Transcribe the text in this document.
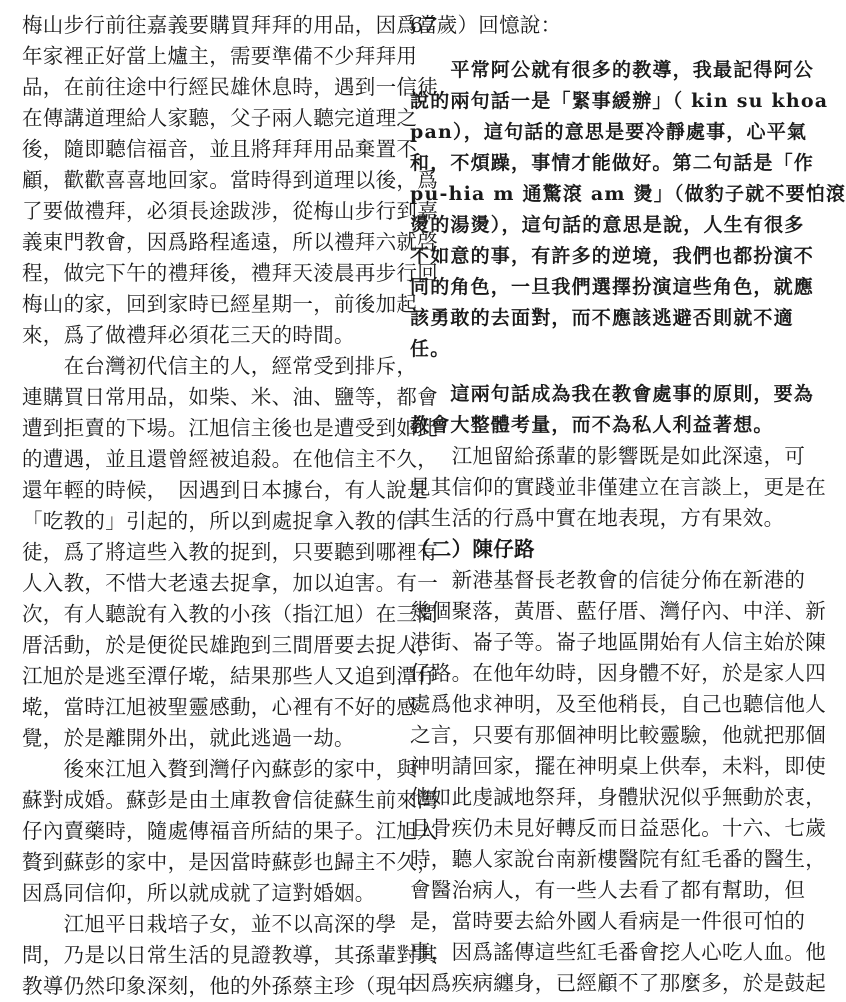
梅山步行前往嘉義要購買拜拜的用品，因爲當
年家裡正好當上爐主，需要準備不少拜拜用
品，在前往途中行經民雄休息時，遇到一信徒
在傳講道理給人家聽，父子兩人聽完道理之
後，隨即聽信福音，並且將拜拜用品棄置不
顧，歡歡喜喜地回家。當時得到道理以後，爲
了要做禮拜，必須長途跋涉，從梅山步行到嘉
義東門教會，因爲路程遙遠，所以禮拜六就啓
程，做完下午的禮拜後，禮拜天淩晨再步行回
梅山的家，回到家時已經星期一，前後加起
來，爲了做禮拜必須花三天的時間。
　　在台灣初代信主的人，經常受到排斥，
連購買日常用品，如柴、米、油、鹽等，都會
遭到拒賣的下場。江旭信主後也是遭受到如此
的遭遇，並且還曾經被追殺。在他信主不久，
還年輕的時候，　因遇到日本據台，有人說是
「吃教的」引起的，所以到處捉拿入教的信
徒，爲了將這些入教的捉到，只要聽到哪裡有
人入教，不惜大老遠去捉拿，加以迫害。有一
次，有人聽說有入教的小孩（指江旭）在三間
厝活動，於是便從民雄跑到三間厝要去捉人，
江旭於是逃至潭仔墘，結果那些人又追到潭仔
墘，當時江旭被聖靈感動，心裡有不好的感
覺，於是離開外出，就此逃過一劫。
　　後來江旭入贅到灣仔內蘇彭的家中，與
蘇對成婚。蘇彭是由土庫教會信徒蘇生前來灣
仔內賣藥時，隨處傳福音所結的果子。江旭入
贅到蘇彭的家中，是因當時蘇彭也歸主不久，
因爲同信仰，所以就成就了這對婚姻。
　　江旭平日栽培子女，並不以高深的學
問，乃是以日常生活的見證教導，其孫輩對其
教導仍然印象深刻，他的外孫蔡主珍（現年
67歲）回憶說：
　　平常阿公就有很多的教導，我最記得阿公
說的兩句話一是「緊事緩辦」（ kin su khoa
pan），這句話的意思是要冷靜處事，心平氣
和，不煩躁，事情才能做好。第二句話是「作
pu-hia m 通驚滾 am 燙」（做豹子就不要怕滾
燙的湯燙），這句話的意思是說，人生有很多
不如意的事，有許多的逆境，我們也都扮演不
同的角色，一旦我們選擇扮演這些角色，就應
該勇敢的去面對，而不應該逃避否則就不適
任。
　　這兩句話成為我在教會處事的原則，要為
教會大整體考量，而不為私人利益著想。
　　江旭留給孫輩的影響既是如此深遠，可
見其信仰的實踐並非僅建立在言談上，更是在
其生活的行爲中實在地表現，方有果效。
（二）陳仔路
　　新港基督長老教會的信徒分佈在新港的
幾個聚落，黃厝、藍仔厝、灣仔內、中洋、新
港街、崙子等。崙子地區開始有人信主始於陳
仔路。在他年幼時，因身體不好，於是家人四
處爲他求神明，及至他稍長，自己也聽信他人
之言，只要有那個神明比較靈驗，他就把那個
神明請回家，擺在神明桌上供奉，未料，即使
他如此虔誠地祭拜，身體狀況似乎無動於衷，
且骨疾仍未見好轉反而日益惡化。十六、七歲
時，聽人家說台南新樓醫院有紅毛番的醫生，
會醫治病人，有一些人去看了都有幫助，但
是，當時要去給外國人看病是一件很可怕的
事，因爲謠傳這些紅毛番會挖人心吃人血。他
因爲疾病纏身，已經顧不了那麼多，於是鼓起
